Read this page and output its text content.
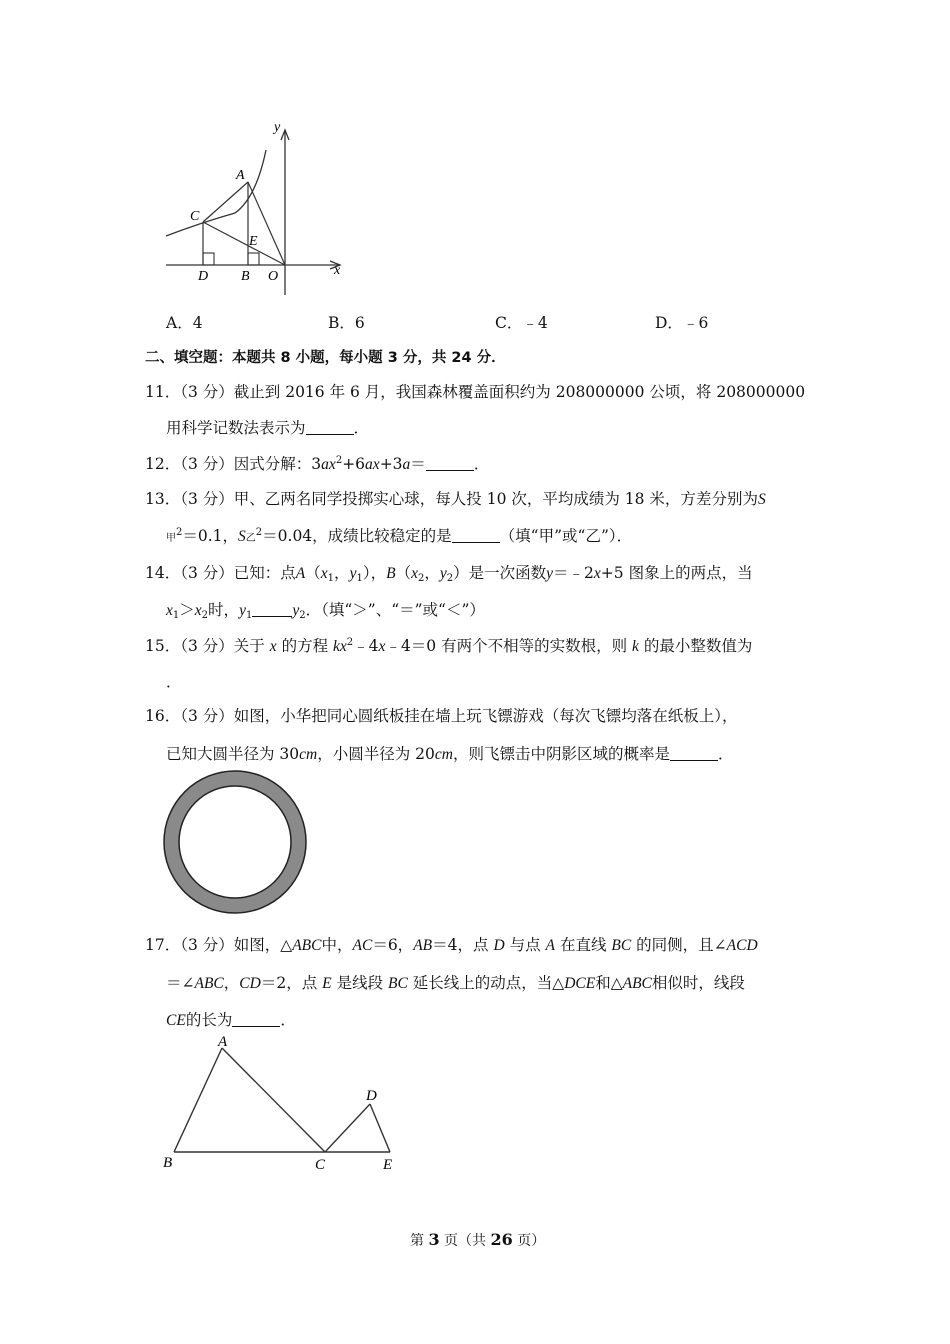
y
x
A
C
E
D B O
A．4	B．6	C．﹣4	D．﹣6
二、填空题：本题共 8 小题，每小题 3 分，共 24 分．
11．（3 分）截止到 2016 年 6 月，我国森林覆盖面积约为 208000000 公顷，将 208000000
用科学记数法表示为	．
12．（3 分）因式分解：$3ax^2+6ax+3a=$	．
13．（3 分）甲、乙两名同学投掷实心球，每人投 10 次，平均成绩为 18 米，方差分别为S
甲$^2$＝0.1，S乙$^2$＝0.04，成绩比较稳定的是	（填“甲”或“乙”）．
14．（3 分）已知：点$A(x_1$，$y_1$），$B(x_2$，$y_2$）是一次函数y＝﹣2x+5 图象上的两点，当
$x_1>x_2$时，$y_1$	$y_2$．（填“＞”、“＝”或“＜”）
15．（3 分）关于 x 的方程 $kx^2﹣4x﹣4=0$ 有两个不相等的实数根，则 k 的最小整数值为
．
16．（3 分）如图，小华把同心圆纸板挂在墙上玩飞镖游戏（每次飞镖均落在纸板上），
已知大圆半径为 30cm，小圆半径为 20cm，则飞镖击中阴影区域的概率是	．
17．（3 分）如图，△ABC中，AC＝6，AB＝4，点 D 与点 A 在直线 BC 的同侧，且∠ACD
＝∠ABC，CD＝2，点 E 是线段 BC 延长线上的动点，当△DCE和△ABC相似时，线段
CE的长为	．
A
B	C
D
E
第 3 页（共 26 页）
